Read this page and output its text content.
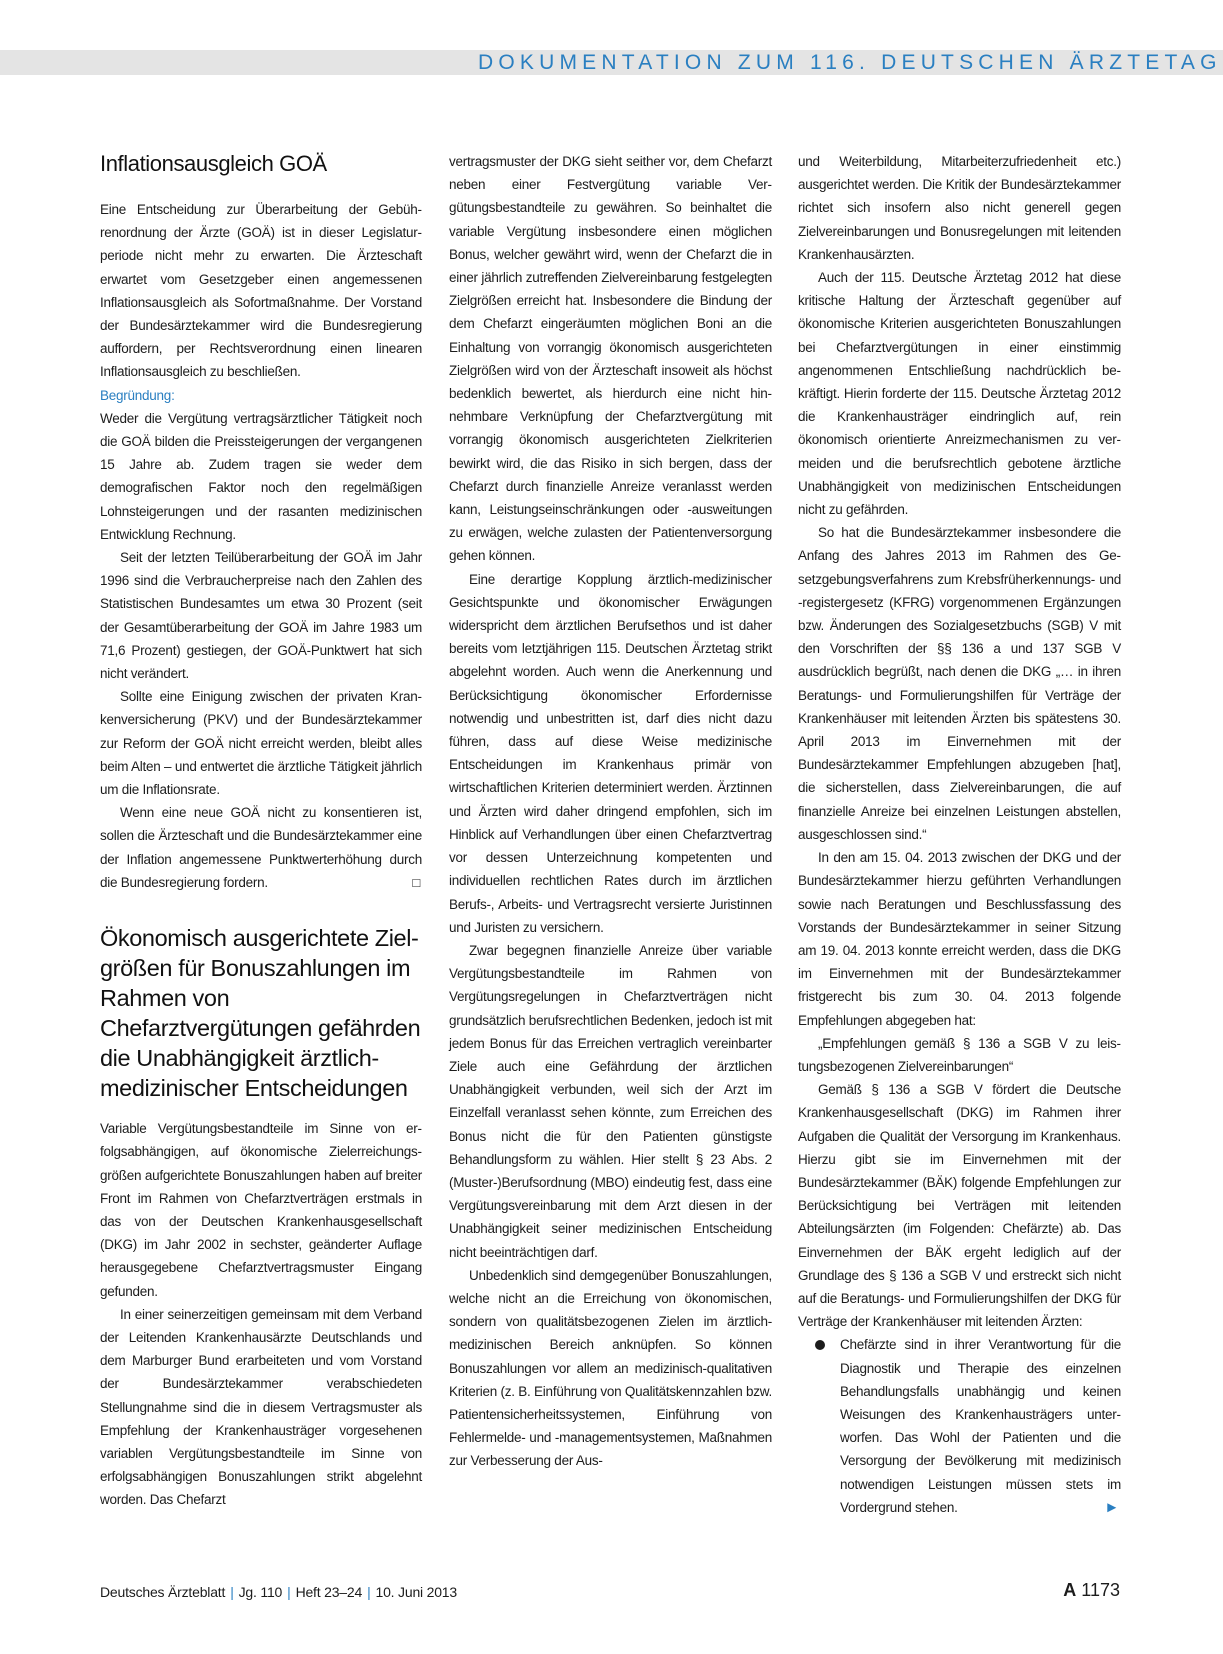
DOKUMENTATION ZUM 116. DEUTSCHEN ÄRZTETAG
Inflationsausgleich GOÄ

Eine Entscheidung zur Überarbeitung der Gebührenordnung der Ärzte (GOÄ) ist in dieser Legislaturperiode nicht mehr zu erwarten. Die Ärzteschaft erwartet vom Gesetzgeber einen angemessenen Inflationsausgleich als Sofortmaßnahme. Der Vorstand der Bundesärztekammer wird die Bundesregierung auffordern, per Rechtsverordnung einen linearen Inflationsausgleich zu beschließen.

Begründung:

Weder die Vergütung vertragsärztlicher Tätigkeit noch die GOÄ bilden die Preissteigerungen der vergangenen 15 Jahre ab. Zudem tragen sie weder dem demografischen Faktor noch den regelmäßigen Lohnsteigerungen und der rasanten medizinischen Entwicklung Rechnung.

Seit der letzten Teilüberarbeitung der GOÄ im Jahr 1996 sind die Verbraucherpreise nach den Zahlen des Statistischen Bundesamtes um etwa 30 Prozent (seit der Gesamtüberarbeitung der GOÄ im Jahre 1983 um 71,6 Prozent) gestiegen, der GOÄ-Punktwert hat sich nicht verändert.

Sollte eine Einigung zwischen der privaten Krankenversicherung (PKV) und der Bundesärztekammer zur Reform der GOÄ nicht erreicht werden, bleibt alles beim Alten – und entwertet die ärztliche Tätigkeit jährlich um die Inflationsrate.

Wenn eine neue GOÄ nicht zu konsentieren ist, sollen die Ärzteschaft und die Bundesärztekammer eine der Inflation angemessene Punktwerterhöhung durch die Bundesregierung fordern.	□

Ökonomisch ausgerichtete Zielgrößen für Bonuszahlungen im Rahmen von Chefarztvergütungen gefährden die Unabhängigkeit ärztlich-medizinischer Entscheidungen

Variable Vergütungsbestandteile im Sinne von erfolgsabhängigen, auf ökonomische Zielerreichungsgrößen aufgerichtete Bonuszahlungen haben auf breiter Front im Rahmen von Chefarztverträgen erstmals in das von der Deutschen Krankenhausgesellschaft (DKG) im Jahr 2002 in sechster, geänderter Auflage herausgegebene Chefarztvertragsmuster Eingang gefunden.

In einer seinerzeitigen gemeinsam mit dem Verband der Leitenden Krankenhausärzte Deutschlands und dem Marburger Bund erarbeiteten und vom Vorstand der Bundesärztekammer verabschiedeten Stellungnahme sind die in diesem Vertragsmuster als Empfehlung der Krankenhausträger vorgesehenen variablen Vergütungsbestandteile im Sinne von erfolgsabhängigen Bonuszahlungen strikt abgelehnt worden. Das Chefarzt

vertragsmuster der DKG sieht seither vor, dem Chefarzt neben einer Festvergütung variable Vergütungsbestandteile zu gewähren. So beinhaltet die variable Vergütung insbesondere einen möglichen Bonus, welcher gewährt wird, wenn der Chefarzt die in einer jährlich zutreffenden Zielvereinbarung festgelegten Zielgrößen erreicht hat. Insbesondere die Bindung der dem Chefarzt eingeräumten möglichen Boni an die Einhaltung von vorrangig ökonomisch ausgerichteten Zielgrößen wird von der Ärzteschaft insoweit als höchst bedenklich bewertet, als hierdurch eine nicht hinnehmbare Verknüpfung der Chefarztvergütung mit vorrangig ökonomisch ausgerichteten Zielkriterien bewirkt wird, die das Risiko in sich bergen, dass der Chefarzt durch finanzielle Anreize veranlasst werden kann, Leistungseinschränkungen oder -ausweitungen zu erwägen, welche zulasten der Patientenversorgung gehen können.

Eine derartige Kopplung ärztlich-medizinischer Gesichtspunkte und ökonomischer Erwägungen widerspricht dem ärztlichen Berufsethos und ist daher bereits vom letztjährigen 115. Deutschen Ärztetag strikt abgelehnt worden. Auch wenn die Anerkennung und Berücksichtigung ökonomischer Erfordernisse notwendig und unbestritten ist, darf dies nicht dazu führen, dass auf diese Weise medizinische Entscheidungen im Krankenhaus primär von wirtschaftlichen Kriterien determiniert werden. Ärztinnen und Ärzten wird daher dringend empfohlen, sich im Hinblick auf Verhandlungen über einen Chefarztvertrag vor dessen Unterzeichnung kompetenten und individuellen rechtlichen Rates durch im ärztlichen Berufs-, Arbeits- und Vertragsrecht versierte Juristinnen und Juristen zu versichern.

Zwar begegnen finanzielle Anreize über variable Vergütungsbestandteile im Rahmen von Vergütungsregelungen in Chefarztverträgen nicht grundsätzlich berufsrechtlichen Bedenken, jedoch ist mit jedem Bonus für das Erreichen vertraglich vereinbarter Ziele auch eine Gefährdung der ärztlichen Unabhängigkeit verbunden, weil sich der Arzt im Einzelfall veranlasst sehen könnte, zum Erreichen des Bonus nicht die für den Patienten günstigste Behandlungsform zu wählen. Hier stellt § 23 Abs. 2 (Muster-)Berufsordnung (MBO) eindeutig fest, dass eine Vergütungsvereinbarung mit dem Arzt diesen in der Unabhängigkeit seiner medizinischen Entscheidung nicht beeinträchtigen darf.

Unbedenklich sind demgegenüber Bonuszahlungen, welche nicht an die Erreichung von ökonomischen, sondern von qualitätsbezogenen Zielen im ärztlich-medizinischen Bereich anknüpfen. So können Bonuszahlungen vor allem an medizinisch-qualitativen Kriterien (z. B. Einführung von Qualitätskennzahlen bzw. Patientensicherheitssystemen, Einführung von Fehlermelde- und -managementsystemen, Maßnahmen zur Verbesserung der Aus-

und Weiterbildung, Mitarbeiterzufriedenheit etc.) ausgerichtet werden. Die Kritik der Bundesärztekammer richtet sich insofern also nicht generell gegen Zielvereinbarungen und Bonusregelungen mit leitenden Krankenhausärzten.

Auch der 115. Deutsche Ärztetag 2012 hat diese kritische Haltung der Ärzteschaft gegenüber auf ökonomische Kriterien ausgerichteten Bonuszahlungen bei Chefarztvergütungen in einer einstimmig angenommenen Entschließung nachdrücklich bekräftigt. Hierin forderte der 115. Deutsche Ärztetag 2012 die Krankenhausträger eindringlich auf, rein ökonomisch orientierte Anreizmechanismen zu vermeiden und die berufsrechtlich gebotene ärztliche Unabhängigkeit von medizinischen Entscheidungen nicht zu gefährden.

So hat die Bundesärztekammer insbesondere die Anfang des Jahres 2013 im Rahmen des Gesetzgebungsverfahrens zum Krebsfrüherkennungs- und -registergesetz (KFRG) vorgenommenen Ergänzungen bzw. Änderungen des Sozialgesetzbuchs (SGB) V mit den Vorschriften der §§ 136 a und 137 SGB V ausdrücklich begrüßt, nach denen die DKG „… in ihren Beratungs- und Formulierungshilfen für Verträge der Krankenhäuser mit leitenden Ärzten bis spätestens 30. April 2013 im Einvernehmen mit der Bundesärztekammer Empfehlungen abzugeben [hat], die sicherstellen, dass Zielvereinbarungen, die auf finanzielle Anreize bei einzelnen Leistungen abstellen, ausgeschlossen sind.“

In den am 15. 04. 2013 zwischen der DKG und der Bundesärztekammer hierzu geführten Verhandlungen sowie nach Beratungen und Beschlussfassung des Vorstands der Bundesärztekammer in seiner Sitzung am 19. 04. 2013 konnte erreicht werden, dass die DKG im Einvernehmen mit der Bundesärztekammer fristgerecht bis zum 30. 04. 2013 folgende Empfehlungen abgegeben hat:

„Empfehlungen gemäß § 136 a SGB V zu leistungsbezogenen Zielvereinbarungen“

Gemäß § 136 a SGB V fördert die Deutsche Krankenhausgesellschaft (DKG) im Rahmen ihrer Aufgaben die Qualität der Versorgung im Krankenhaus. Hierzu gibt sie im Einvernehmen mit der Bundesärztekammer (BÄK) folgende Empfehlungen zur Berücksichtigung bei Verträgen mit leitenden Abteilungsärzten (im Folgenden: Chefärzte) ab. Das Einvernehmen der BÄK ergeht lediglich auf der Grundlage des § 136 a SGB V und erstreckt sich nicht auf die Beratungs- und Formulierungshilfen der DKG für Verträge der Krankenhäuser mit leitenden Ärzten:

Chefärzte sind in ihrer Verantwortung für die Diagnostik und Therapie des einzelnen Behandlungsfalls unabhängig und keinen Weisungen des Krankenhausträgers unterworfen. Das Wohl der Patienten und die Versorgung der Bevölkerung mit medizinisch notwendigen Leistungen müssen stets im Vordergrund stehen.	►

Deutsches Ärzteblatt | Jg. 110 | Heft 23–24 | 10. Juni 2013	A 1173
